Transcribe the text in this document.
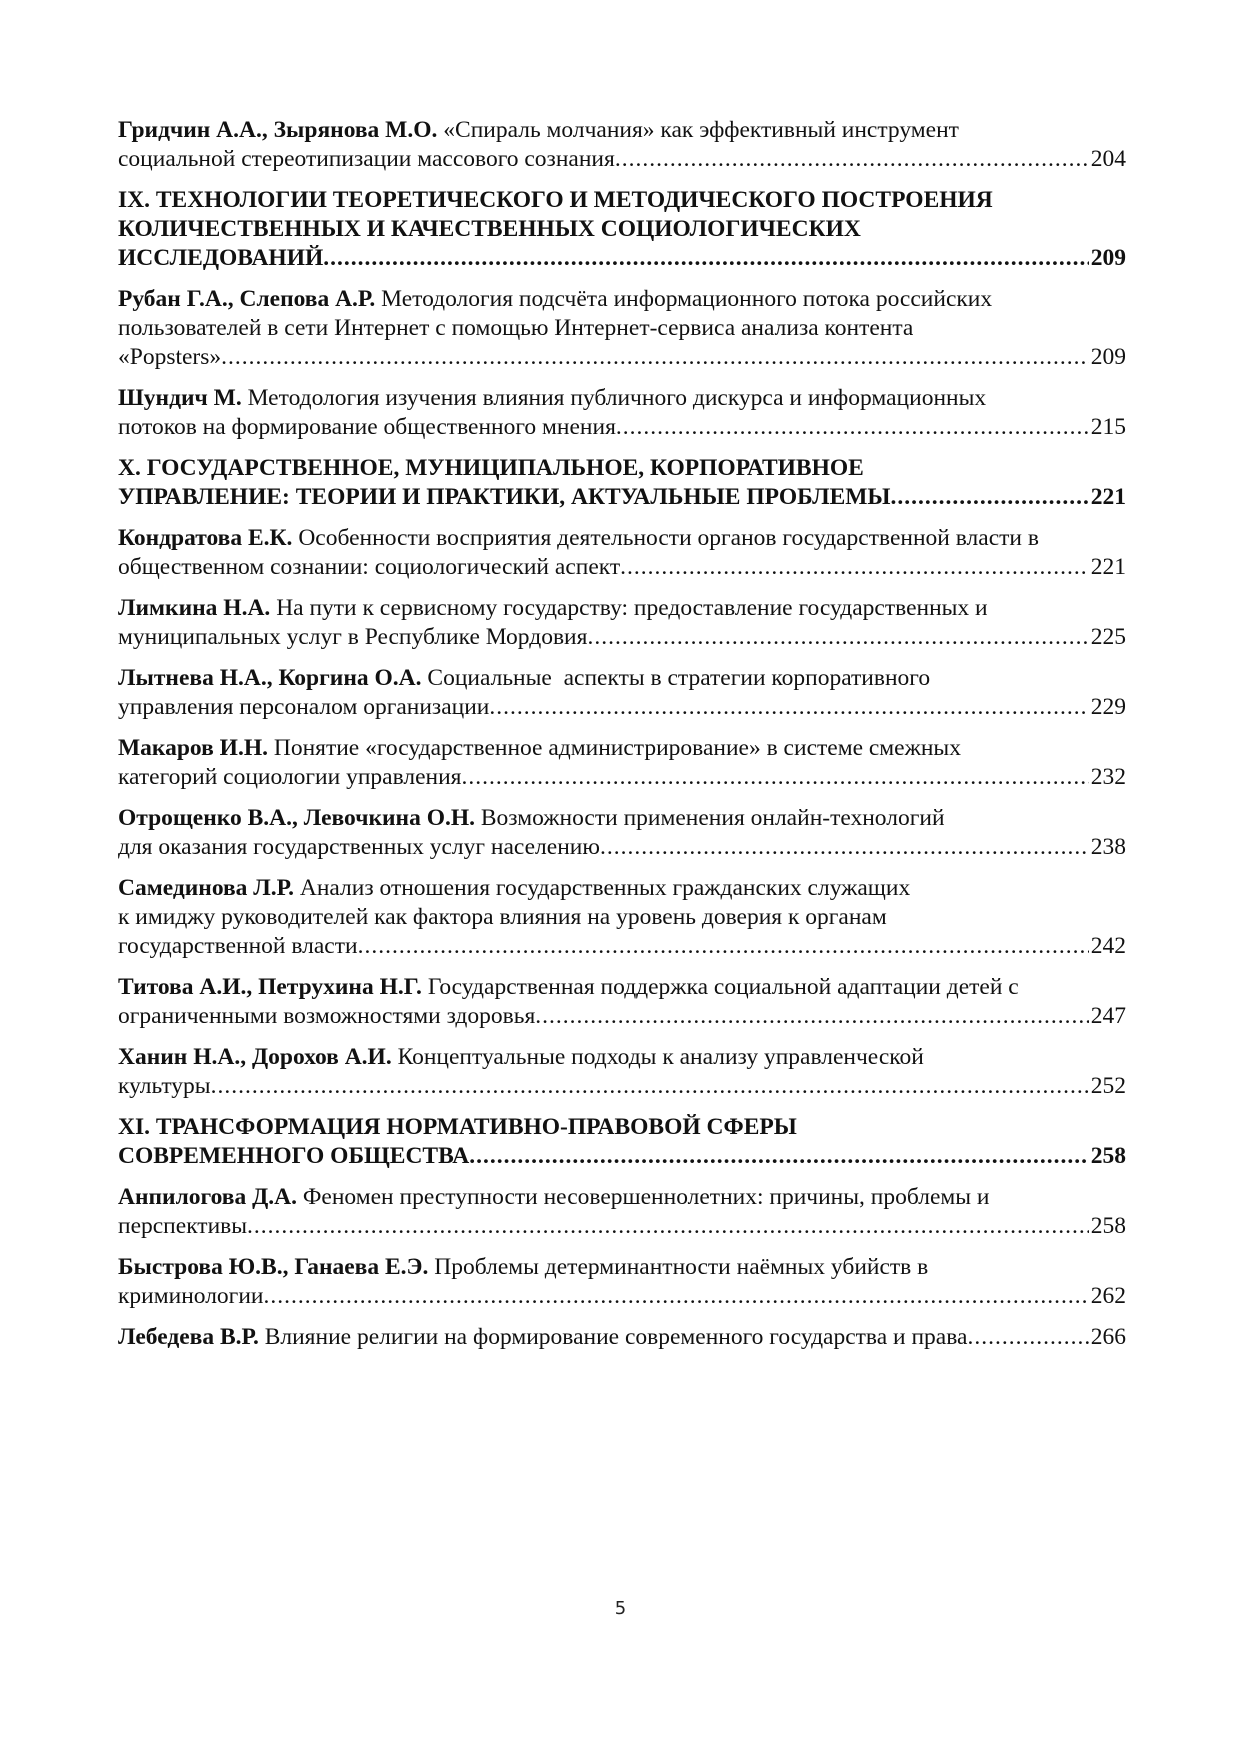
Гридчин А.А., Зырянова М.О. «Спираль молчания» как эффективный инструмент
социальной стереотипизации массового сознания .....	204
IX. ТЕХНОЛОГИИ ТЕОРЕТИЧЕСКОГО И МЕТОДИЧЕСКОГО ПОСТРОЕНИЯ
КОЛИЧЕСТВЕННЫХ И КАЧЕСТВЕННЫХ СОЦИОЛОГИЧЕСКИХ
ИССЛЕДОВАНИЙ .....	209
Рубан Г.А., Слепова А.Р. Методология подсчёта информационного потока российских
пользователей в сети Интернет с помощью Интернет-сервиса анализа контента
«Popsters» .....	209
Шундич М. Методология изучения влияния публичного дискурса и информационных
потоков на формирование общественного мнения .....	215
X. ГОСУДАРСТВЕННОЕ, МУНИЦИПАЛЬНОЕ, КОРПОРАТИВНОЕ
УПРАВЛЕНИЕ: ТЕОРИИ И ПРАКТИКИ, АКТУАЛЬНЫЕ ПРОБЛЕМЫ .....	221
Кондратова Е.К. Особенности восприятия деятельности органов государственной власти в
общественном сознании: социологический аспект .....	221
Лимкина Н.А. На пути к сервисному государству: предоставление государственных и
муниципальных услуг в Республике Мордовия .....	225
Лытнева Н.А., Коргина О.А. Социальные  аспекты в стратегии корпоративного
управления персоналом организации .....	229
Макаров И.Н. Понятие «государственное администрирование» в системе смежных
категорий социологии управления .....	232
Отрощенко В.А., Левочкина О.Н. Возможности применения онлайн-технологий
для оказания государственных услуг населению .....	238
Самединова Л.Р. Анализ отношения государственных гражданских служащих
к имиджу руководителей как фактора влияния на уровень доверия к органам
государственной власти .....	242
Титова А.И., Петрухина Н.Г. Государственная поддержка социальной адаптации детей с
ограниченными возможностями здоровья .....	247
Ханин Н.А., Дорохов А.И. Концептуальные подходы к анализу управленческой
культуры .....	252
XI. ТРАНСФОРМАЦИЯ НОРМАТИВНО-ПРАВОВОЙ СФЕРЫ
СОВРЕМЕННОГО ОБЩЕСТВА .....	258
Анпилогова Д.А. Феномен преступности несовершеннолетних: причины, проблемы и
перспективы .....	258
Быстрова Ю.В., Ганаева Е.Э. Проблемы детерминантности наёмных убийств в
криминологии .....	262
Лебедева В.Р. Влияние религии на формирование современного государства и права .....	266
5
